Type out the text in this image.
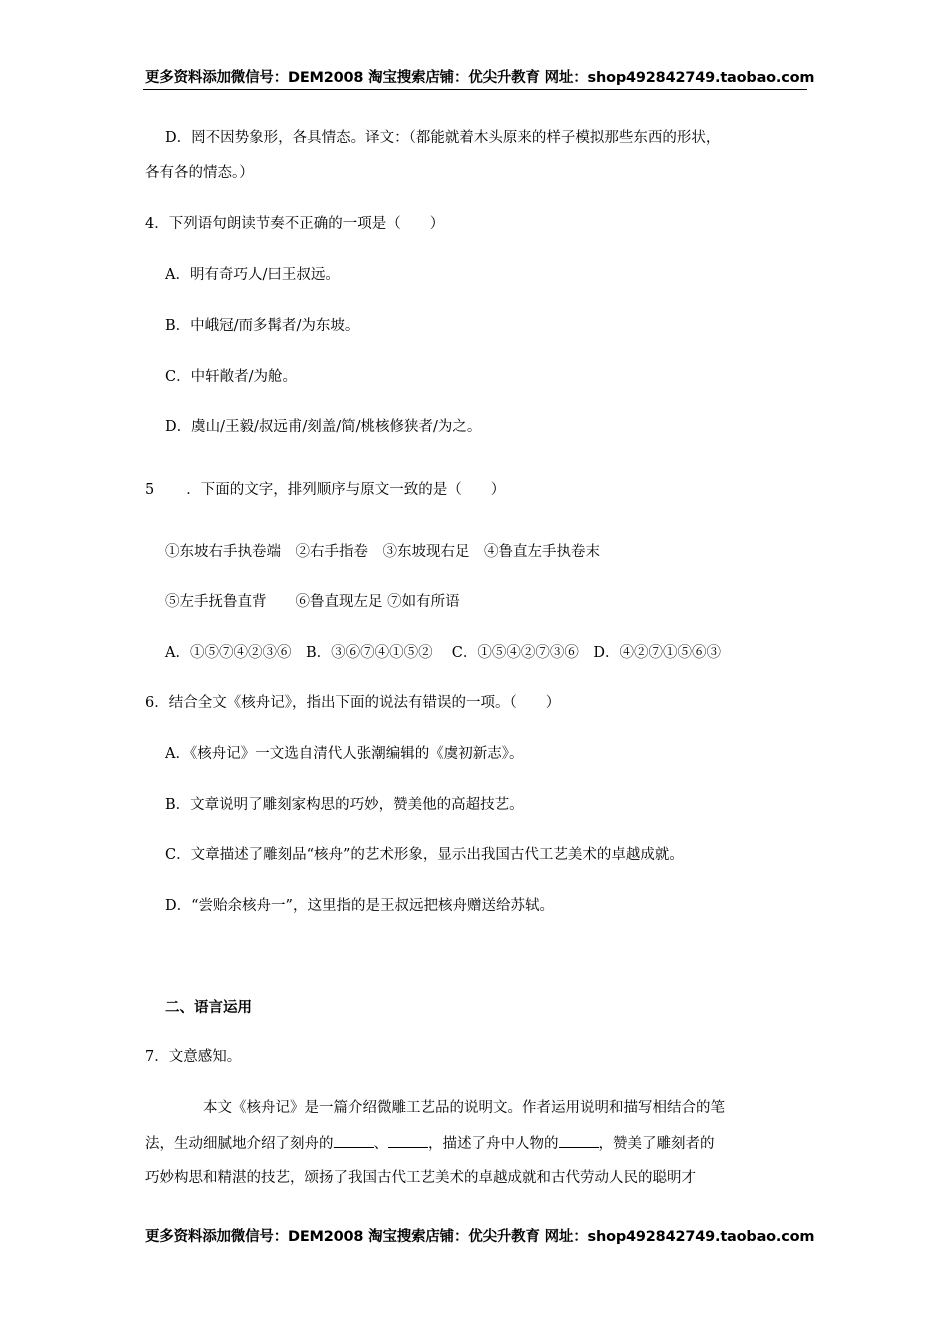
更多资料添加微信号：DEM2008 淘宝搜索店铺：优尖升教育 网址：shop492842749.taobao.com
D．罔不因势象形，各具情态。译文：（都能就着木头原来的样子模拟那些东西的形状，
各有各的情态。）
4．下列语句朗读节奏不正确的一项是（　　）
A．明有奇巧人/曰王叔远。
B．中峨冠/而多髯者/为东坡。
C．中轩敞者/为舱。
D．虞山/王毅/叔远甫/刻盖/简/桃核修狭者/为之。
5 ．下面的文字，排列顺序与原文一致的是（　　）
①东坡右手执卷端　②右手指卷　③东坡现右足　④鲁直左手执卷末
⑤左手抚鲁直背　　⑥鲁直现左足 ⑦如有所语
A．①⑤⑦④②③⑥　B．③⑥⑦④①⑤②　 C．①⑤④②⑦③⑥　D．④②⑦①⑤⑥③
6．结合全文《核舟记》，指出下面的说法有错误的一项。（　　）
A．《核舟记》一文选自清代人张潮编辑的《虞初新志》。
B．文章说明了雕刻家构思的巧妙，赞美他的高超技艺。
C．文章描述了雕刻品“核舟”的艺术形象，显示出我国古代工艺美术的卓越成就。
D．“尝贻余核舟一”，这里指的是王叔远把核舟赠送给苏轼。
二、语言运用
7．文意感知。
本文《核舟记》是一篇介绍微雕工艺品的说明文。作者运用说明和描写相结合的笔
法，生动细腻地介绍了刻舟的	、	，描述了舟中人物的	，赞美了雕刻者的
巧妙构思和精湛的技艺，颂扬了我国古代工艺美术的卓越成就和古代劳动人民的聪明才
更多资料添加微信号：DEM2008 淘宝搜索店铺：优尖升教育 网址：shop492842749.taobao.com
